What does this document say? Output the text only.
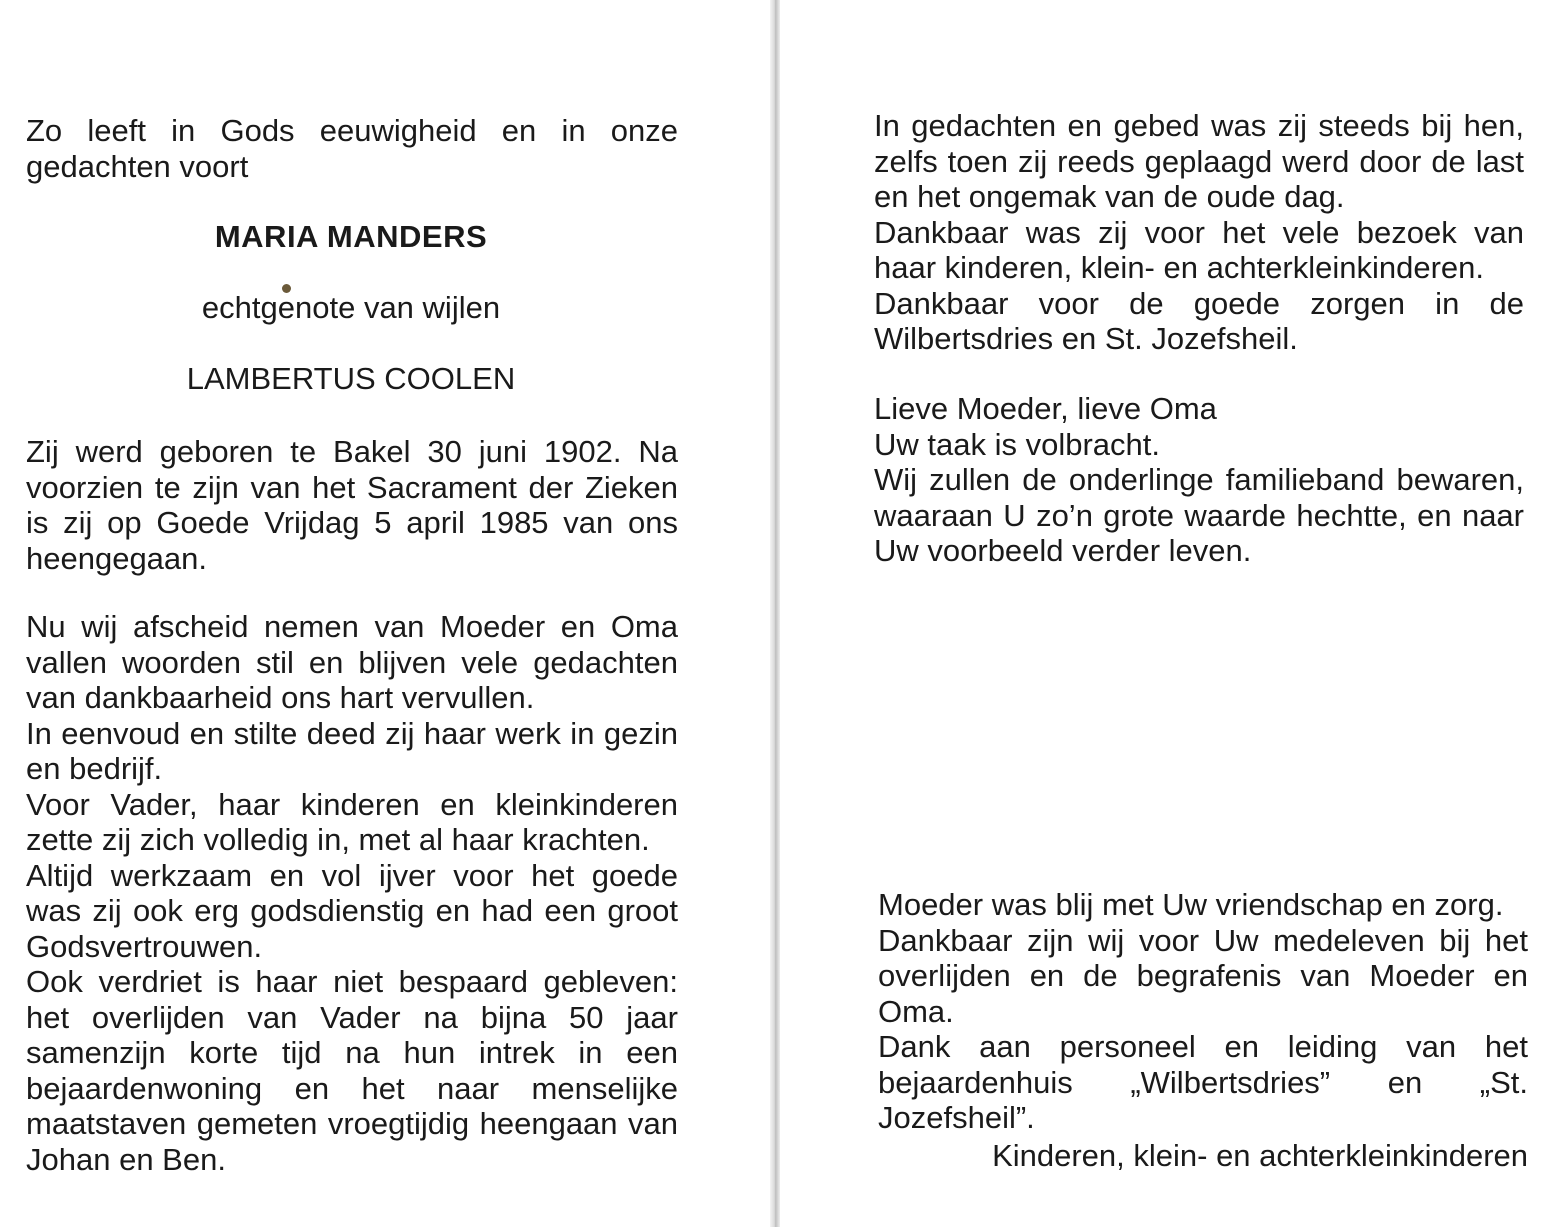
Zo leeft in Gods eeuwigheid en in onze gedachten voort

MARIA MANDERS

echtgenote van wijlen

LAMBERTUS COOLEN

Zij werd geboren te Bakel 30 juni 1902. Na voorzien te zijn van het Sacrament der Zieken is zij op Goede Vrijdag 5 april 1985 van ons heengegaan.

Nu wij afscheid nemen van Moeder en Oma vallen woorden stil en blijven vele gedachten van dankbaarheid ons hart vervullen.

In eenvoud en stilte deed zij haar werk in gezin en bedrijf.

Voor Vader, haar kinderen en kleinkinderen zette zij zich volledig in, met al haar krachten.

Altijd werkzaam en vol ijver voor het goede was zij ook erg godsdienstig en had een groot Godsvertrouwen.

Ook verdriet is haar niet bespaard gebleven: het overlijden van Vader na bijna 50 jaar samenzijn korte tijd na hun intrek in een bejaardenwoning en het naar menselijke maatstaven gemeten vroegtijdig heengaan van Johan en Ben.

In gedachten en gebed was zij steeds bij hen, zelfs toen zij reeds geplaagd werd door de last en het ongemak van de oude dag.

Dankbaar was zij voor het vele bezoek van haar kinderen, klein- en achterkleinkinderen.

Dankbaar voor de goede zorgen in de Wilbertsdries en St. Jozefsheil.

Lieve Moeder, lieve Oma

Uw taak is volbracht.

Wij zullen de onderlinge familieband bewaren, waaraan U zo’n grote waarde hechtte, en naar Uw voorbeeld verder leven.

Moeder was blij met Uw vriendschap en zorg.

Dankbaar zijn wij voor Uw medeleven bij het overlijden en de begrafenis van Moeder en Oma.

Dank aan personeel en leiding van het bejaardenhuis „Wilbertsdries” en „St. Jozefsheil”.

Kinderen, klein- en achterkleinkinderen
